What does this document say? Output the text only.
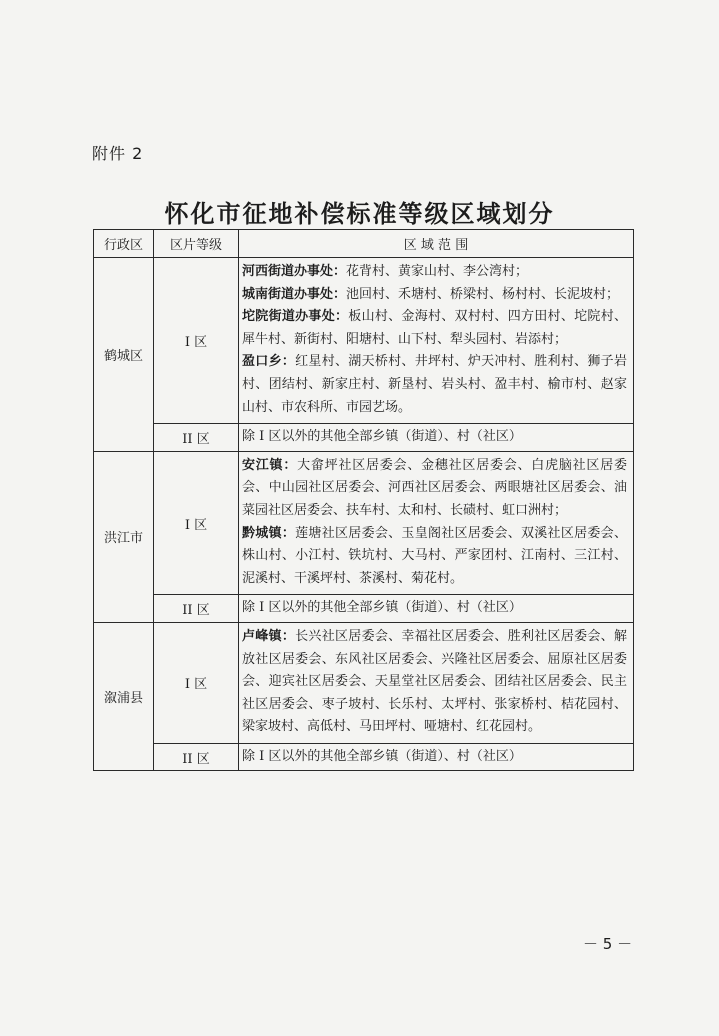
附件 2
怀化市征地补偿标准等级区域划分
行政区	区片等级	区 域 范 围
鹤城区	I 区	河西街道办事处：花背村、黄家山村、李公湾村；
城南街道办事处：池回村、禾塘村、桥梁村、杨村村、长泥坡村；
坨院街道办事处：板山村、金海村、双村村、四方田村、坨院村、犀牛村、新街村、阳塘村、山下村、犁头园村、岩添村；
盈口乡：红星村、湖天桥村、井坪村、炉天冲村、胜利村、狮子岩村、团结村、新家庄村、新垦村、岩头村、盈丰村、榆市村、赵家山村、市农科所、市园艺场。
	II 区	除 I 区以外的其他全部乡镇（街道）、村（社区）
洪江市	I 区	安江镇：大畲坪社区居委会、金穗社区居委会、白虎脑社区居委会、中山园社区居委会、河西社区居委会、两眼塘社区居委会、油菜园社区居委会、扶车村、太和村、长碛村、虹口洲村；
黔城镇：莲塘社区居委会、玉皇阁社区居委会、双溪社区居委会、株山村、小江村、铁坑村、大马村、严家团村、江南村、三江村、泥溪村、干溪坪村、茶溪村、菊花村。
	II 区	除 I 区以外的其他全部乡镇（街道）、村（社区）
溆浦县	I 区	卢峰镇：长兴社区居委会、幸福社区居委会、胜利社区居委会、解放社区居委会、东风社区居委会、兴隆社区居委会、屈原社区居委会、迎宾社区居委会、天星堂社区居委会、团结社区居委会、民主社区居委会、枣子坡村、长乐村、太坪村、张家桥村、桔花园村、梁家坡村、高低村、马田坪村、哑塘村、红花园村。
	II 区	除 I 区以外的其他全部乡镇（街道）、村（社区）
－ 5 －
